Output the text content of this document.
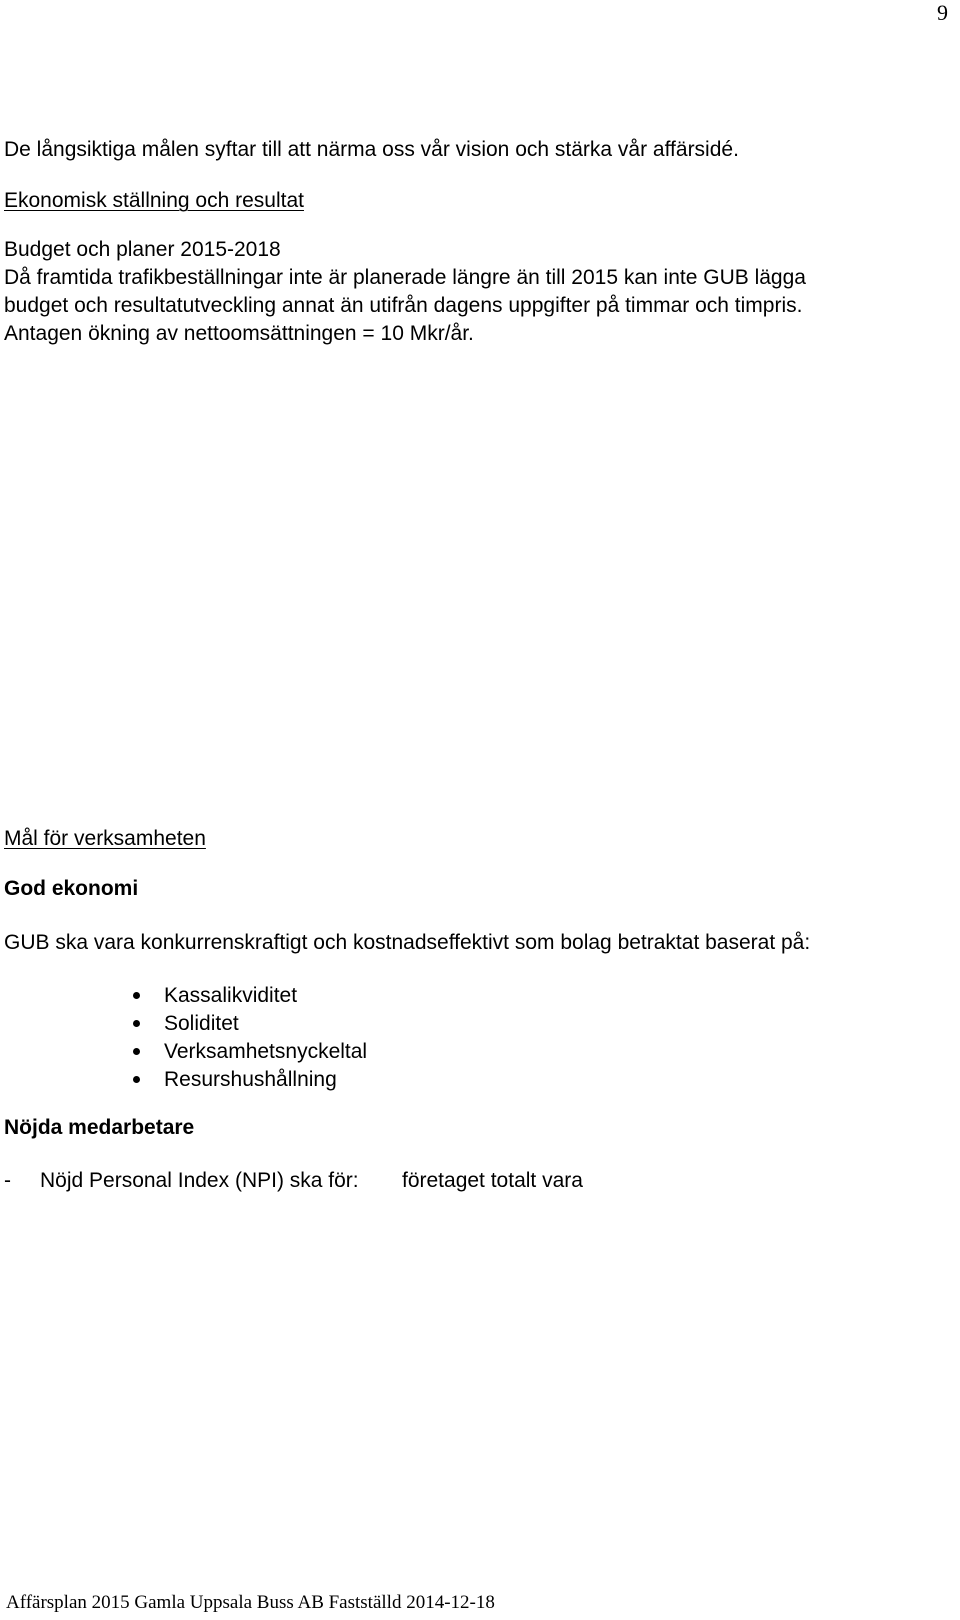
9
De långsiktiga målen syftar till att närma oss vår vision och stärka vår affärsidé.
Ekonomisk ställning och resultat
Budget och planer 2015-2018
Då framtida trafikbeställningar inte är planerade längre än till 2015 kan inte GUB lägga
budget och resultatutveckling annat än utifrån dagens uppgifter på timmar och timpris.
Antagen ökning av nettoomsättningen = 10 Mkr/år.
Mål för verksamheten
God ekonomi
GUB ska vara konkurrenskraftigt och kostnadseffektivt som bolag betraktat baserat på:
Kassalikviditet
Soliditet
Verksamhetsnyckeltal
Resurshushållning
Nöjda medarbetare
- Nöjd Personal Index (NPI) ska för: företaget totalt vara
Affärsplan 2015 Gamla Uppsala Buss AB Fastställd 2014-12-18
